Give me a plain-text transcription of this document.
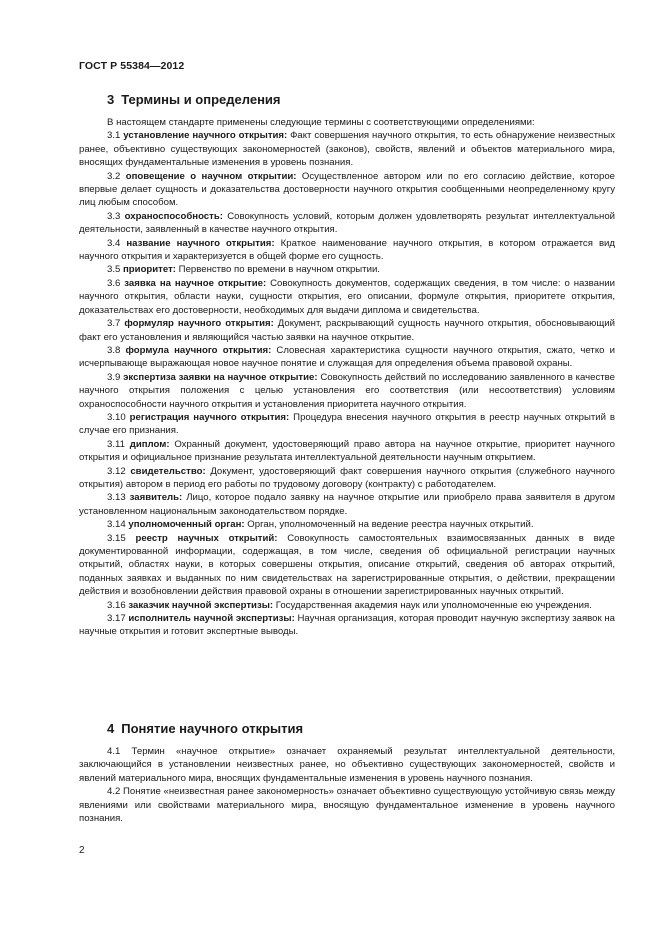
ГОСТ Р 55384—2012
3 Термины и определения

В настоящем стандарте применены следующие термины с соответствующими определениями:

3.1 установление научного открытия: Факт совершения научного открытия, то есть обнаружение неизвестных ранее, объективно существующих закономерностей (законов), свойств, явлений и объектов материального мира, вносящих фундаментальные изменения в уровень познания.

3.2 оповещение о научном открытии: Осуществленное автором или по его согласию действие, которое впервые делает сущность и доказательства достоверности научного открытия сообщенными неопределенному кругу лиц любым способом.

3.3 охраноспособность: Совокупность условий, которым должен удовлетворять результат интеллектуальной деятельности, заявленный в качестве научного открытия.

3.4 название научного открытия: Краткое наименование научного открытия, в котором отражается вид научного открытия и характеризуется в общей форме его сущность.

3.5 приоритет: Первенство по времени в научном открытии.

3.6 заявка на научное открытие: Совокупность документов, содержащих сведения, в том числе: о названии научного открытия, области науки, сущности открытия, его описании, формуле открытия, приоритете открытия, доказательствах его достоверности, необходимых для выдачи диплома и свидетельства.

3.7 формуляр научного открытия: Документ, раскрывающий сущность научного открытия, обосновывающий факт его установления и являющийся частью заявки на научное открытие.

3.8 формула научного открытия: Словесная характеристика сущности научного открытия, сжато, четко и исчерпывающе выражающая новое научное понятие и служащая для определения объема правовой охраны.

3.9 экспертиза заявки на научное открытие: Совокупность действий по исследованию заявленного в качестве научного открытия положения с целью установления его соответствия (или несоответствия) условиям охраноспособности научного открытия и установления приоритета научного открытия.

3.10 регистрация научного открытия: Процедура внесения научного открытия в реестр научных открытий в случае его признания.

3.11 диплом: Охранный документ, удостоверяющий право автора на научное открытие, приоритет научного открытия и официальное признание результата интеллектуальной деятельности научным открытием.

3.12 свидетельство: Документ, удостоверяющий факт совершения научного открытия (служебного научного открытия) автором в период его работы по трудовому договору (контракту) с работодателем.

3.13 заявитель: Лицо, которое подало заявку на научное открытие или приобрело права заявителя в другом установленном национальным законодательством порядке.

3.14 уполномоченный орган: Орган, уполномоченный на ведение реестра научных открытий.

3.15 реестр научных открытий: Совокупность самостоятельных взаимосвязанных данных в виде документированной информации, содержащая, в том числе, сведения об официальной регистрации научных открытий, областях науки, в которых совершены открытия, описание открытий, сведения об авторах открытий, поданных заявках и выданных по ним свидетельствах на зарегистрированные открытия, о действии, прекращении действия и возобновлении действия правовой охраны в отношении зарегистрированных научных открытий.

3.16 заказчик научной экспертизы: Государственная академия наук или уполномоченные ею учреждения.

3.17 исполнитель научной экспертизы: Научная организация, которая проводит научную экспертизу заявок на научные открытия и готовит экспертные выводы.

4 Понятие научного открытия

4.1 Термин «научное открытие» означает охраняемый результат интеллектуальной деятельности, заключающийся в установлении неизвестных ранее, но объективно существующих закономерностей, свойств и явлений материального мира, вносящих фундаментальные изменения в уровень научного познания.

4.2 Понятие «неизвестная ранее закономерность» означает объективно существующую устойчивую связь между явлениями или свойствами материального мира, вносящую фундаментальное изменение в уровень научного познания.

2
